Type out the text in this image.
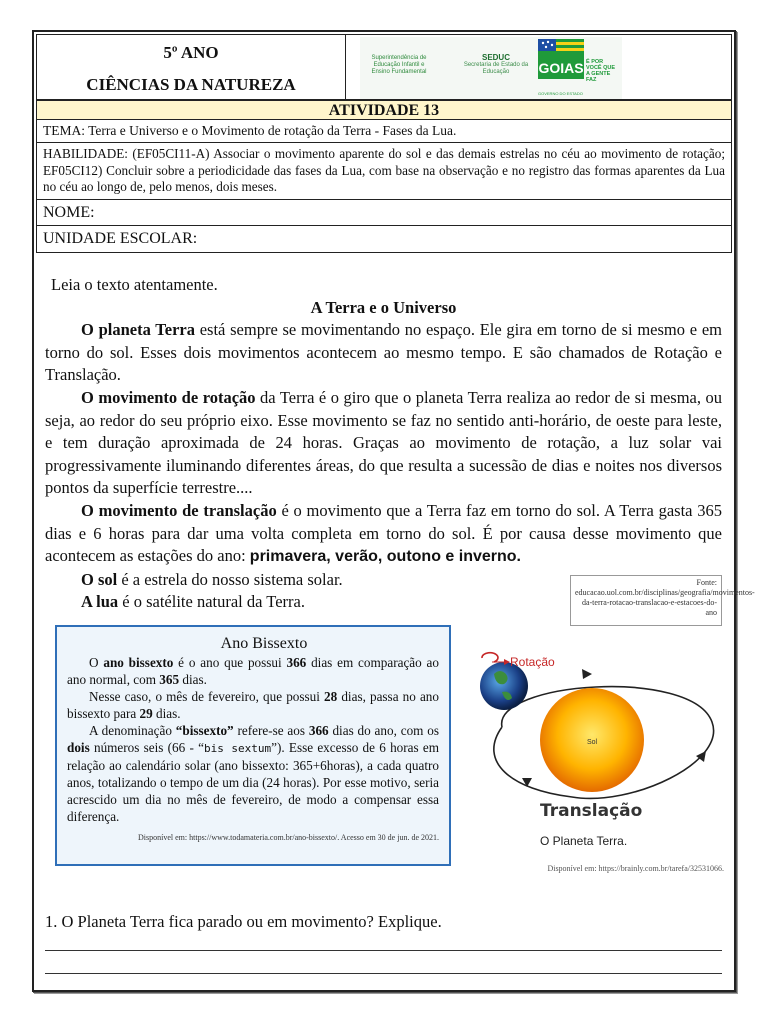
5º ANO
CIÊNCIAS DA NATUREZA
Superintendência de Educação Infantil e Ensino Fundamental
SEDUC
Secretaria de Estado da Educação	GOIAS É POR VOCÊ QUE A GENTE FAZ
GOVERNO DO ESTADO
ATIVIDADE 13
TEMA: Terra e Universo e o Movimento de rotação da Terra - Fases da Lua.
HABILIDADE: (EF05CI11-A) Associar o movimento aparente do sol e das demais estrelas no céu ao movimento de rotação; EF05CI12) Concluir sobre a periodicidade das fases da Lua, com base na observação e no registro das formas aparentes da Lua no céu ao longo de, pelo menos, dois meses.
NOME:
UNIDADE ESCOLAR:

Leia o texto atentamente.

A Terra e o Universo

O planeta Terra está sempre se movimentando no espaço. Ele gira em torno de si mesmo e em torno do sol. Esses dois movimentos acontecem ao mesmo tempo. E são chamados de Rotação e Translação.

O movimento de rotação da Terra é o giro que o planeta Terra realiza ao redor de si mesma, ou seja, ao redor do seu próprio eixo. Esse movimento se faz no sentido anti-horário, de oeste para leste, e tem duração aproximada de 24 horas. Graças ao movimento de rotação, a luz solar vai progressivamente iluminando diferentes áreas, do que resulta a sucessão de dias e noites nos diversos pontos da superfície terrestre....

O movimento de translação é o movimento que a Terra faz em torno do sol. A Terra gasta 365 dias e 6 horas para dar uma volta completa em torno do sol. É por causa desse movimento que acontecem as estações do ano: primavera, verão, outono e inverno.

O sol é a estrela do nosso sistema solar.

A lua é o satélite natural da Terra.

Fonte: educacao.uol.com.br/disciplinas/geografia/movimentos-da-terra-rotacao-translacao-e-estacoes-do-ano

Ano Bissexto

O ano bissexto é o ano que possui 366 dias em comparação ao ano normal, com 365 dias.

Nesse caso, o mês de fevereiro, que possui 28 dias, passa no ano bissexto para 29 dias.

A denominação “bissexto” refere-se aos 366 dias do ano, com os dois números seis (66 - “bis sextum”). Esse excesso de 6 horas em relação ao calendário solar (ano bissexto: 365+6horas), a cada quatro anos, totalizando o tempo de um dia (24 horas). Por esse motivo, seria acrescido um dia no mês de fevereiro, de modo a compensar essa diferença.

Disponível em: https://www.todamateria.com.br/ano-bissexto/. Acesso em 30 de jun. de 2021.

Sol
Rotação
Translação
O Planeta Terra.
Disponível em: https://brainly.com.br/tarefa/32531066.
1. O Planeta Terra fica parado ou em movimento? Explique.
